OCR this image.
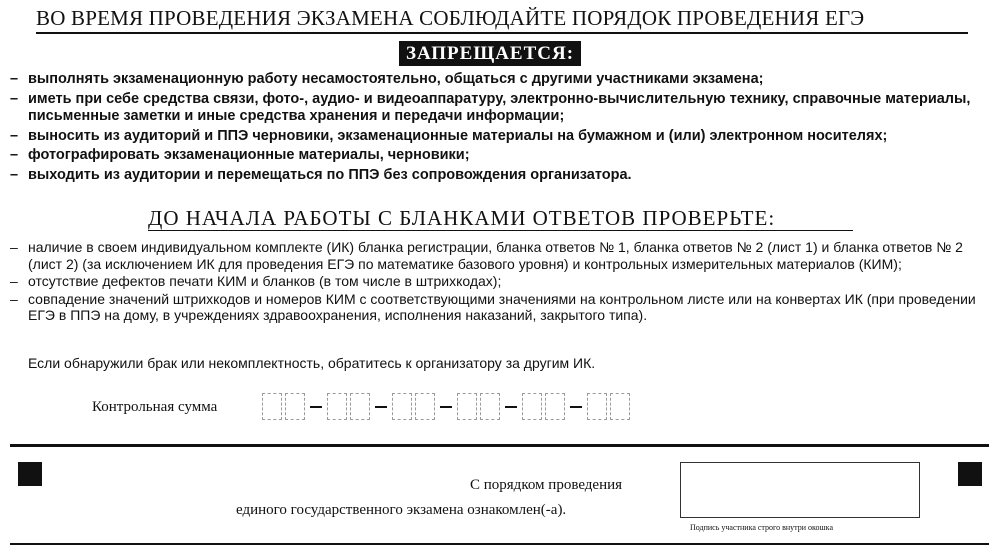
ВО ВРЕМЯ ПРОВЕДЕНИЯ ЭКЗАМЕНА СОБЛЮДАЙТЕ ПОРЯДОК ПРОВЕДЕНИЯ ЕГЭ
ЗАПРЕЩАЕТСЯ:
– выполнять экзаменационную работу несамостоятельно, общаться с другими участниками экзамена;
– иметь при себе средства связи, фото-, аудио- и видеоаппаратуру, электронно-вычислительную технику, справочные материалы, письменные заметки и иные средства хранения и передачи информации;
– выносить из аудиторий и ППЭ черновики, экзаменационные материалы на бумажном и (или) электронном носителях;
– фотографировать экзаменационные материалы, черновики;
– выходить из аудитории и перемещаться по ППЭ без сопровождения организатора.
ДО НАЧАЛА РАБОТЫ С БЛАНКАМИ ОТВЕТОВ ПРОВЕРЬТЕ:
– наличие в своем индивидуальном комплекте (ИК) бланка регистрации, бланка ответов № 1, бланка ответов № 2 (лист 1) и бланка ответов № 2 (лист 2) (за исключением ИК для проведения ЕГЭ по математике базового уровня) и контрольных измерительных материалов (КИМ);
– отсутствие дефектов печати КИМ и бланков (в том числе в штрихкодах);
– совпадение значений штрихкодов и номеров КИМ с соответствующими значениями на контрольном листе или на конвертах ИК (при проведении ЕГЭ в ППЭ на дому, в учреждениях здравоохранения, исполнения наказаний, закрытого типа).
Если обнаружили брак или некомплектность, обратитесь к организатору за другим ИК.
Контрольная сумма
С порядком проведения
единого государственного экзамена ознакомлен(-а).
Подпись участника строго внутри окошка
